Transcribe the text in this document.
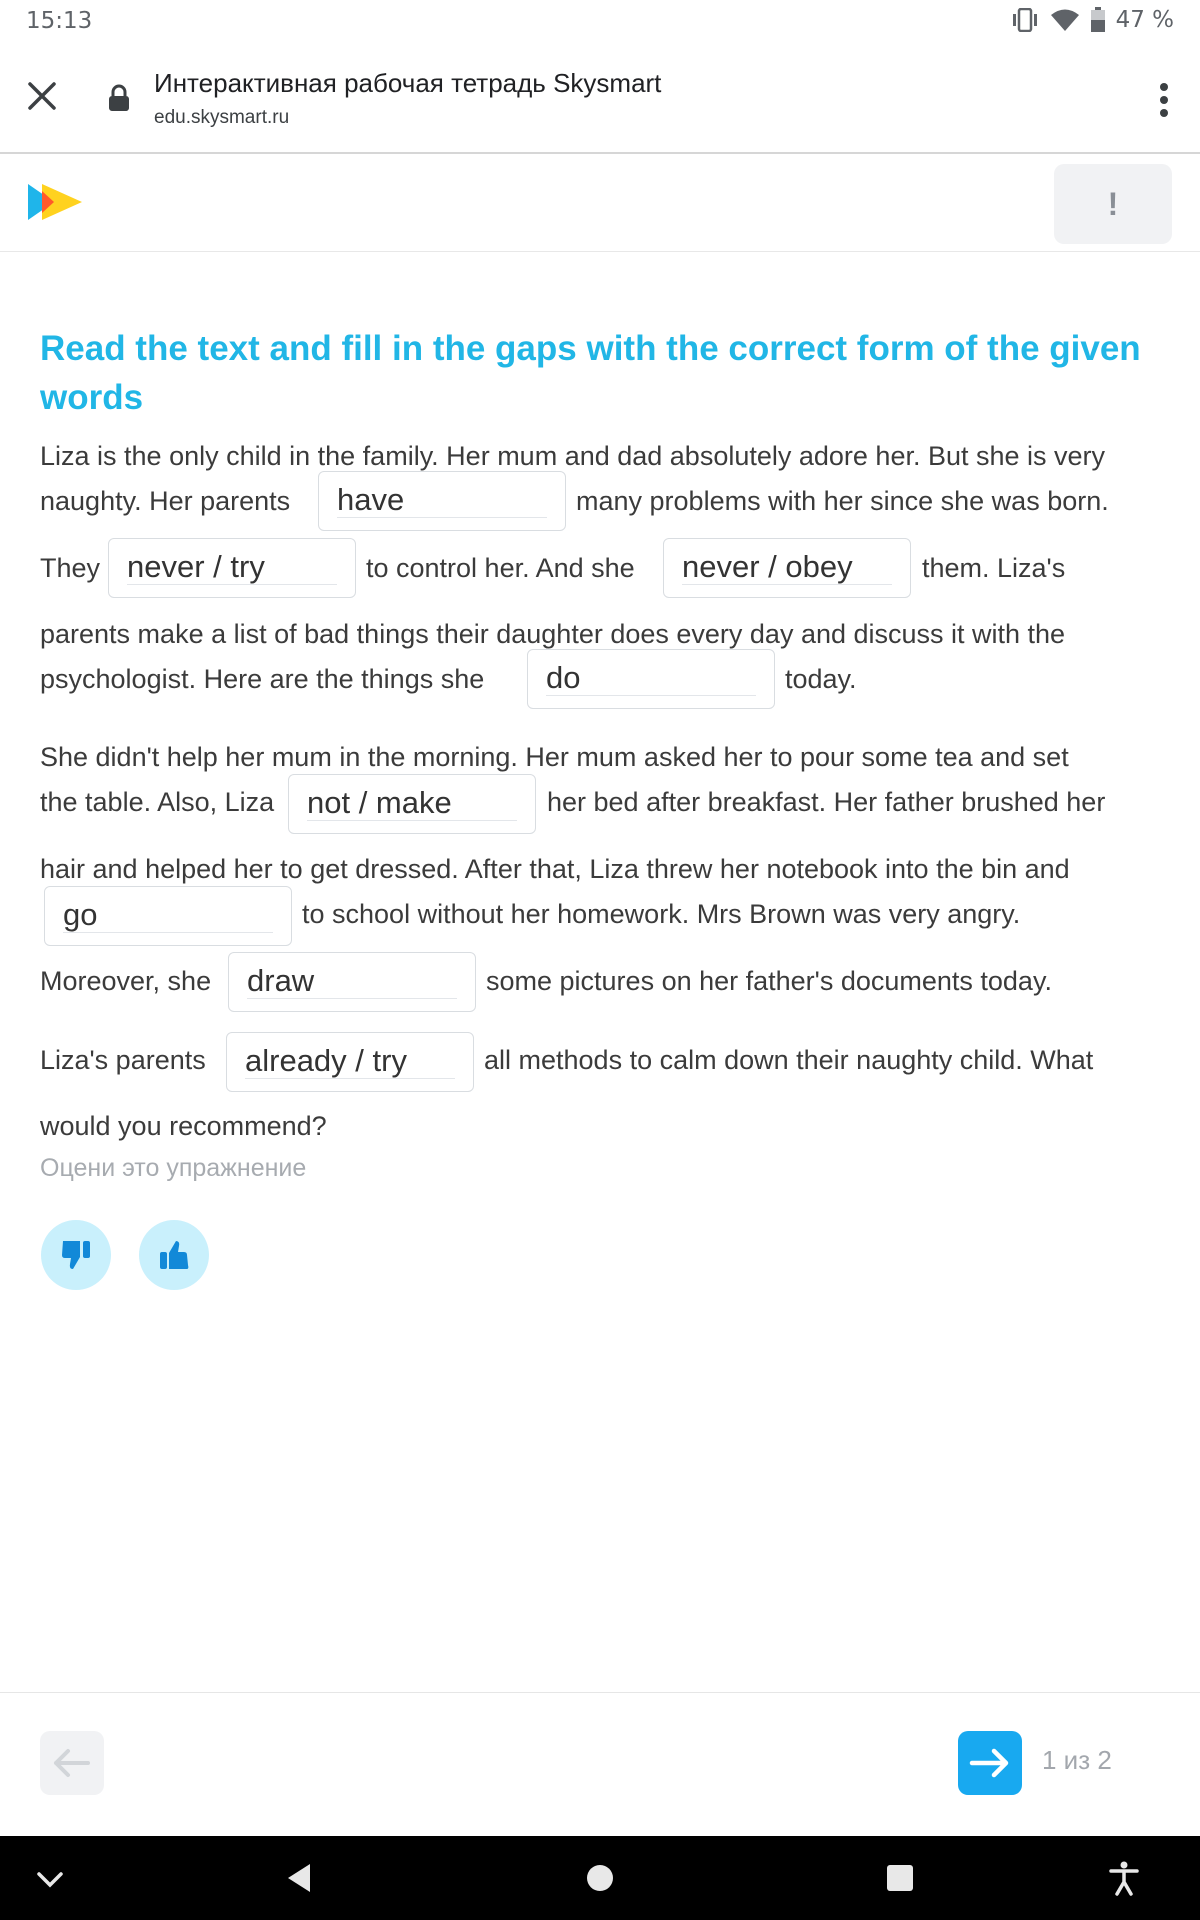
15:13	47 %
Интерактивная рабочая тетрадь Skysmart
edu.skysmart.ru
!
Read the text and fill in the gaps with the correct form of the given words
Liza is the only child in the family. Her mum and dad absolutely adore her. But she is very
naughty. Her parents have	many problems with her since she was born.
They never / try	to control her. And she never / obey	them. Liza's
parents make a list of bad things their daughter does every day and discuss it with the
psychologist. Here are the things she do	today.
She didn't help her mum in the morning. Her mum asked her to pour some tea and set
the table. Also, Liza not / make	her bed after breakfast. Her father brushed her
hair and helped her to get dressed. After that, Liza threw her notebook into the bin and
go	to school without her homework. Mrs Brown was very angry.
Moreover, she draw	some pictures on her father's documents today.
Liza's parents already / try	all methods to calm down their naughty child. What
would you recommend?
Оцени это упражнение
1 из 2
